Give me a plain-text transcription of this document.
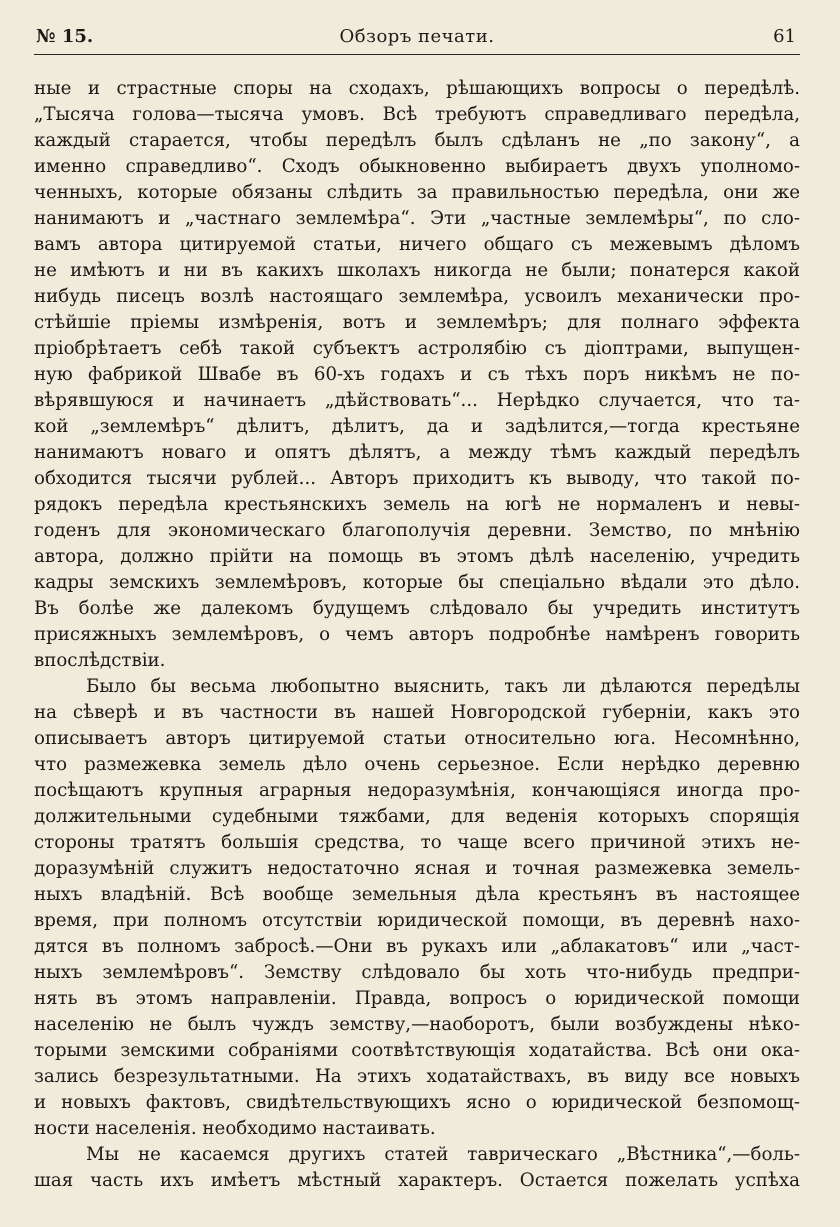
№ 15.	Обзоръ печати.	61
ные и страстные споры на сходахъ, рѣшающихъ вопросы о передѣлѣ.
„Тысяча голова—тысяча умовъ. Всѣ требуютъ справедливаго передѣла,
каждый старается, чтобы передѣлъ былъ сдѣланъ не „по закону“, а
именно справедливо“. Сходъ обыкновенно выбираетъ двухъ уполномо-
ченныхъ, которые обязаны слѣдить за правильностью передѣла, они же
нанимаютъ и „частнаго землемѣра“. Эти „частные землемѣры“, по сло-
вамъ автора цитируемой статьи, ничего общаго съ межевымъ дѣломъ
не имѣютъ и ни въ какихъ школахъ никогда не были; понатерся какой
нибудь писецъ возлѣ настоящаго землемѣра, усвоилъ механически про-
стѣйшіе пріемы измѣренія, вотъ и землемѣръ; для полнаго эффекта
пріобрѣтаетъ себѣ такой субъектъ астролябію съ діоптрами, выпущен-
ную фабрикой Швабе въ 60-хъ годахъ и съ тѣхъ поръ никѣмъ не по-
вѣрявшуюся и начинаетъ „дѣйствовать“... Нерѣдко случается, что та-
кой „землемѣръ“ дѣлитъ, дѣлитъ, да и задѣлится,—тогда крестьяне
нанимаютъ новаго и опятъ дѣлятъ, а между тѣмъ каждый передѣлъ
обходится тысячи рублей... Авторъ приходитъ къ выводу, что такой по-
рядокъ передѣла крестьянскихъ земель на югѣ не нормаленъ и невы-
годенъ для экономическаго благополучія деревни. Земство, по мнѣнію
автора, должно прійти на помощь въ этомъ дѣлѣ населенію, учредить
кадры земскихъ землемѣровъ, которые бы спеціально вѣдали это дѣло.
Въ болѣе же далекомъ будущемъ слѣдовало бы учредить институтъ
присяжныхъ землемѣровъ, о чемъ авторъ подробнѣе намѣренъ говорить
впослѣдствіи.
Было бы весьма любопытно выяснить, такъ ли дѣлаются передѣлы
на сѣверѣ и въ частности въ нашей Новгородской губерніи, какъ это
описываетъ авторъ цитируемой статьи относительно юга. Несомнѣнно,
что размежевка земель дѣло очень серьезное. Если нерѣдко деревню
посѣщаютъ крупныя аграрныя недоразумѣнія, кончающіяся иногда про-
должительными судебными тяжбами, для веденія которыхъ спорящія
стороны тратятъ большія средства, то чаще всего причиной этихъ не-
доразумѣній служитъ недостаточно ясная и точная размежевка земель-
ныхъ владѣній. Всѣ вообще земельныя дѣла крестьянъ въ настоящее
время, при полномъ отсутствіи юридической помощи, въ деревнѣ нахо-
дятся въ полномъ забросѣ.—Они въ рукахъ или „аблакатовъ“ или „част-
ныхъ землемѣровъ“. Земству слѣдовало бы хоть что-нибудь предпри-
нять въ этомъ направленіи. Правда, вопросъ о юридической помощи
населенію не былъ чуждъ земству,—наоборотъ, были возбуждены нѣко-
торыми земскими собраніями соотвѣтствующія ходатайства. Всѣ они ока-
зались безрезультатными. На этихъ ходатайствахъ, въ виду все новыхъ
и новыхъ фактовъ, свидѣтельствующихъ ясно о юридической безпомощ-
ности населенія. необходимо настаивать.
Мы не касаемся другихъ статей таврическаго „Вѣстника“,—боль-
шая часть ихъ имѣетъ мѣстный характеръ. Остается пожелать успѣха
